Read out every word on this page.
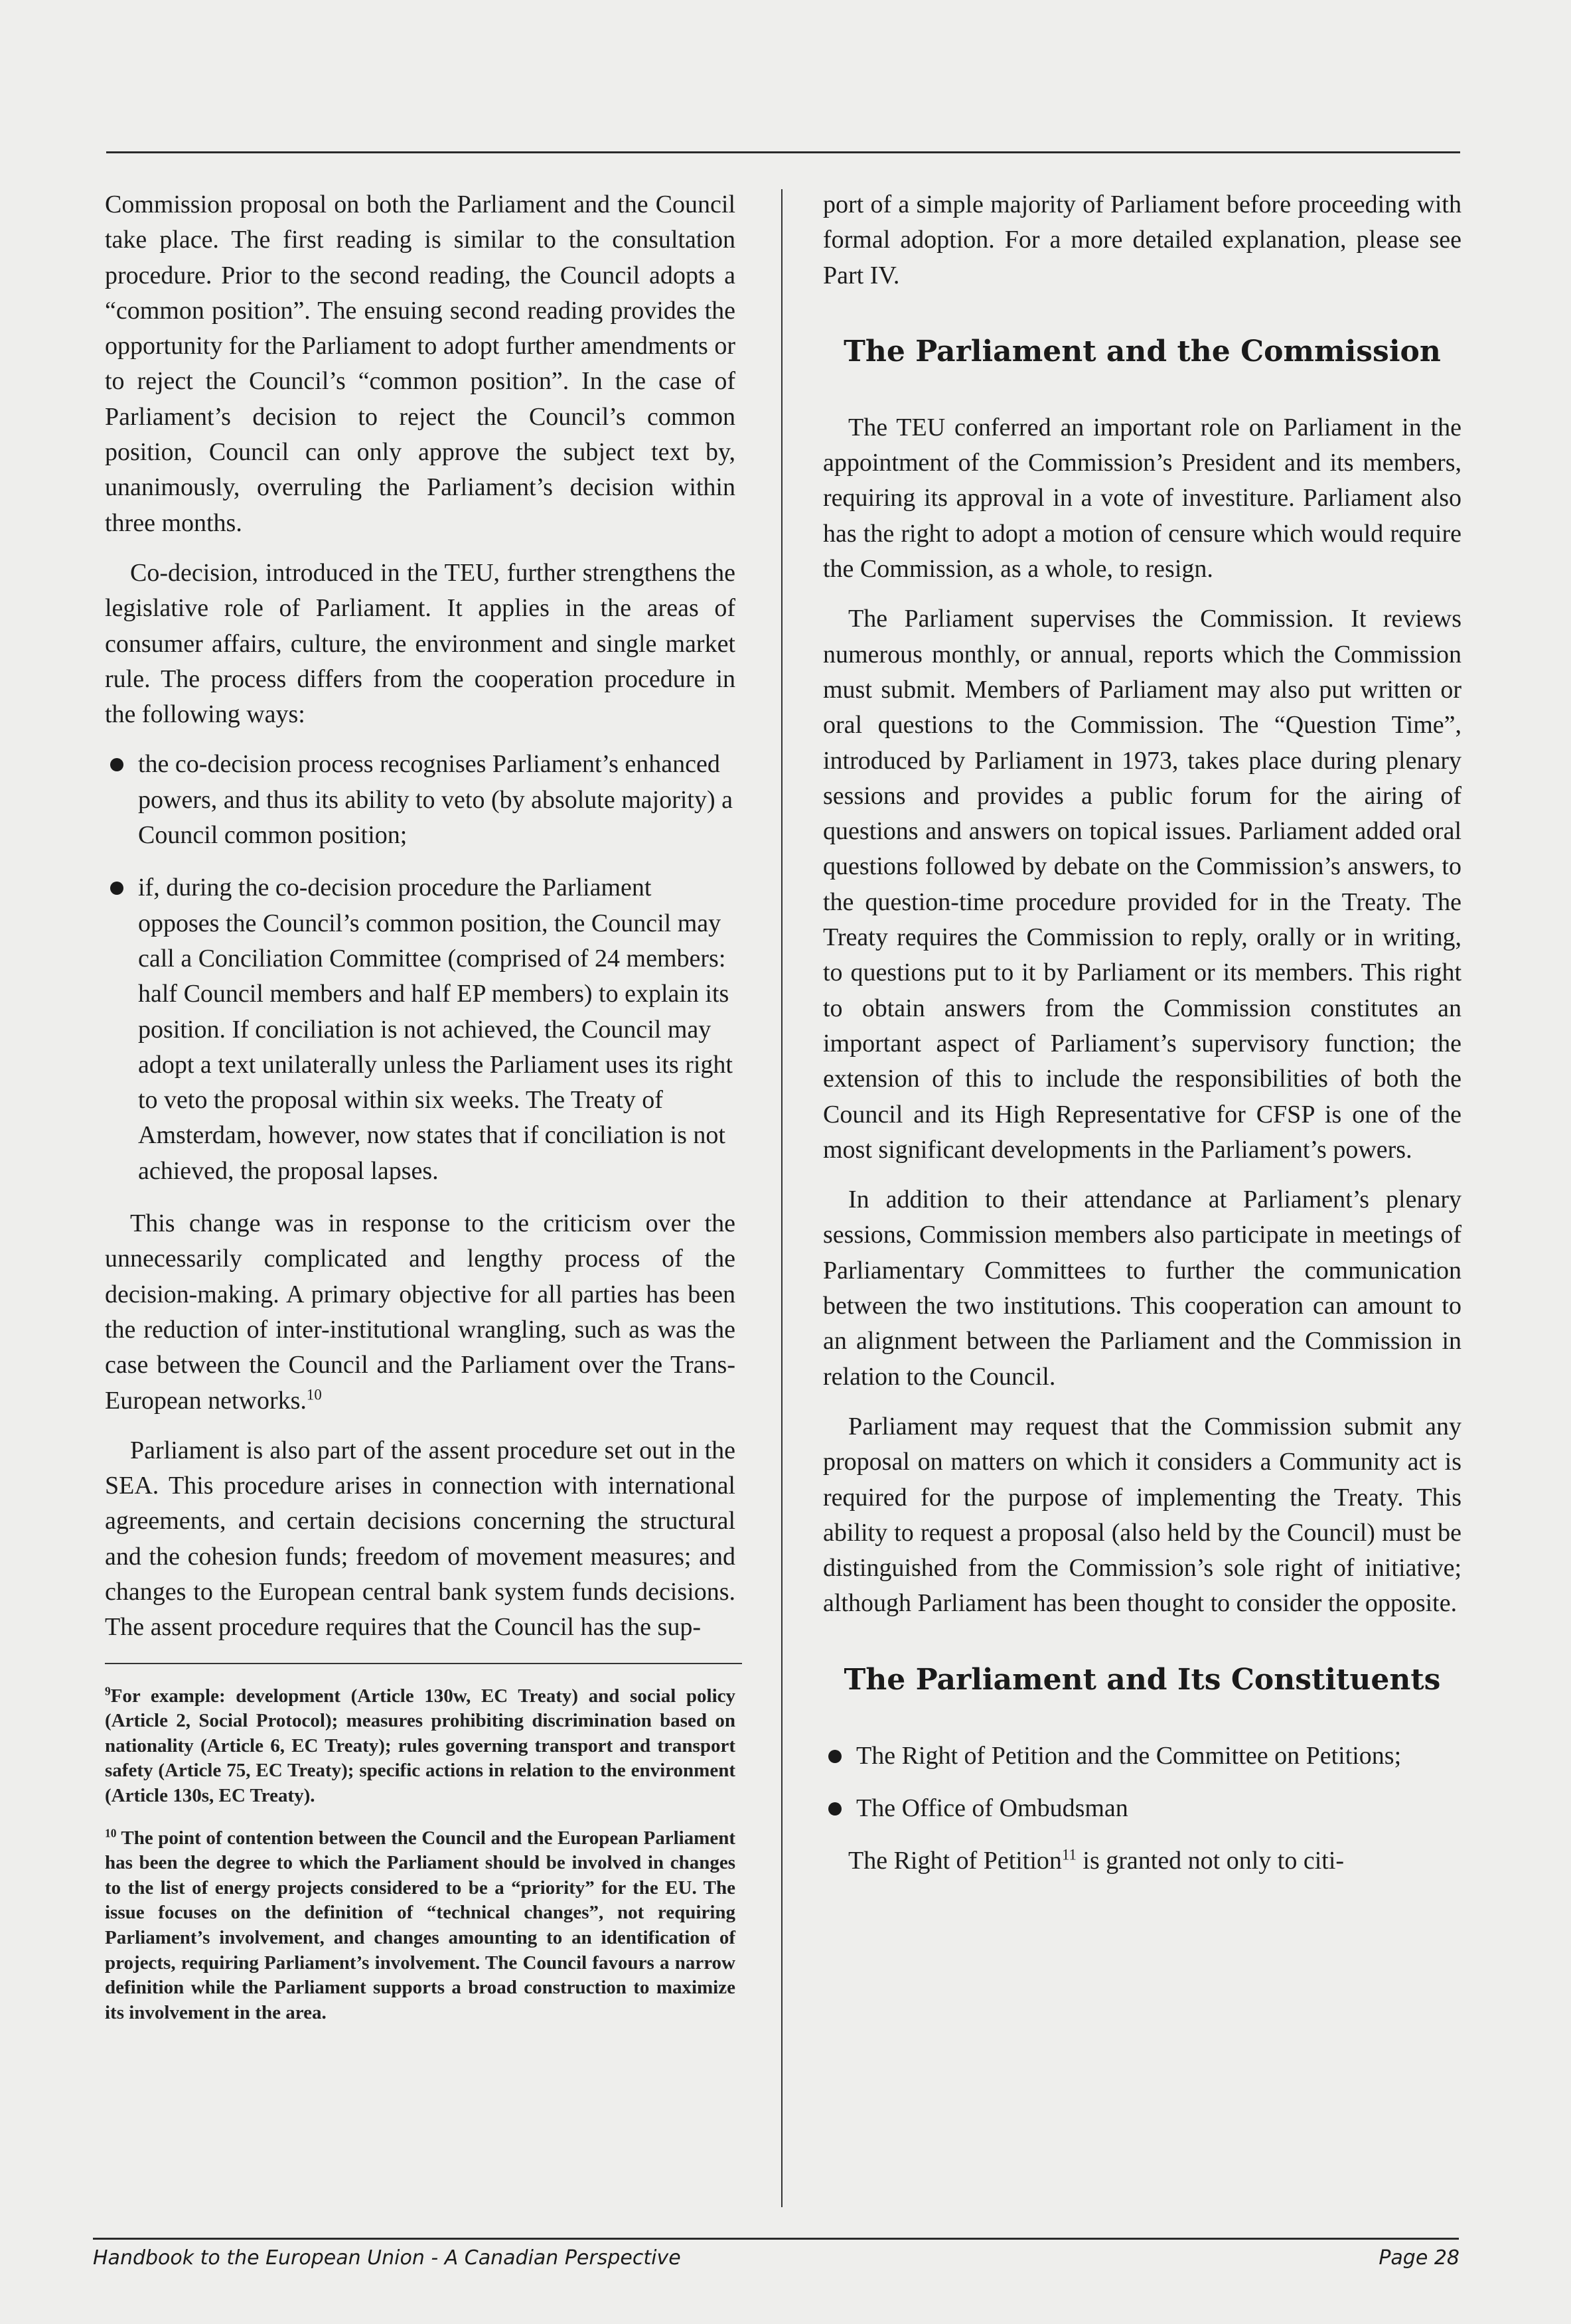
Commission proposal on both the Parliament and the Council take place. The first reading is similar to the consultation procedure. Prior to the second reading, the Council adopts a “common position”. The ensuing second reading provides the opportunity for the Parliament to adopt further amendments or to reject the Council’s “common position”. In the case of Parliament’s decision to reject the Council’s common position, Council can only approve the subject text by, unanimously, overruling the Parliament’s decision within three months.

Co-decision, introduced in the TEU, further strengthens the legislative role of Parliament. It applies in the areas of consumer affairs, culture, the environment and single market rule. The process differs from the cooperation procedure in the following ways:

the co-decision process recognises Parliament’s enhanced powers, and thus its ability to veto (by absolute majority) a Council common position;
if, during the co-decision procedure the Parliament opposes the Council’s common position, the Council may call a Conciliation Committee (comprised of 24 members: half Council members and half EP members) to explain its position. If conciliation is not achieved, the Council may adopt a text unilaterally unless the Parliament uses its right to veto the proposal within six weeks. The Treaty of Amsterdam, however, now states that if conciliation is not achieved, the proposal lapses.

This change was in response to the criticism over the unnecessarily complicated and lengthy process of the decision-making. A primary objective for all parties has been the reduction of inter-institutional wrangling, such as was the case between the Council and the Parliament over the Trans-European networks.$^{10}$

Parliament is also part of the assent procedure set out in the SEA. This procedure arises in connection with international agreements, and certain decisions concerning the structural and the cohesion funds; freedom of movement measures; and changes to the European central bank system funds decisions. The assent procedure requires that the Council has the sup-

$^9$For example: development (Article 130w, EC Treaty) and social policy (Article 2, Social Protocol); measures prohibiting discrimination based on nationality (Article 6, EC Treaty); rules governing transport and transport safety (Article 75, EC Treaty); specific actions in relation to the environment (Article 130s, EC Treaty).

$^{10}$ The point of contention between the Council and the European Parliament has been the degree to which the Parliament should be involved in changes to the list of energy projects considered to be a “priority” for the EU. The issue focuses on the definition of “technical changes”, not requiring Parliament’s involvement, and changes amounting to an identification of projects, requiring Parliament’s involvement. The Council favours a narrow definition while the Parliament supports a broad construction to maximize its involvement in the area.

port of a simple majority of Parliament before proceeding with formal adoption. For a more detailed explanation, please see Part IV.

The Parliament and the Commission

The TEU conferred an important role on Parliament in the appointment of the Commission’s President and its members, requiring its approval in a vote of investiture. Parliament also has the right to adopt a motion of censure which would require the Commission, as a whole, to resign.

The Parliament supervises the Commission. It reviews numerous monthly, or annual, reports which the Commission must submit. Members of Parliament may also put written or oral questions to the Commission. The “Question Time”, introduced by Parliament in 1973, takes place during plenary sessions and provides a public forum for the airing of questions and answers on topical issues. Parliament added oral questions followed by debate on the Commission’s answers, to the question-time procedure provided for in the Treaty. The Treaty requires the Commission to reply, orally or in writing, to questions put to it by Parliament or its members. This right to obtain answers from the Commission constitutes an important aspect of Parliament’s supervisory function; the extension of this to include the responsibilities of both the Council and its High Representative for CFSP is one of the most significant developments in the Parliament’s powers.

In addition to their attendance at Parliament’s plenary sessions, Commission members also participate in meetings of Parliamentary Committees to further the communication between the two institutions. This cooperation can amount to an alignment between the Parliament and the Commission in relation to the Council.

Parliament may request that the Commission submit any proposal on matters on which it considers a Community act is required for the purpose of implementing the Treaty. This ability to request a proposal (also held by the Council) must be distinguished from the Commission’s sole right of initiative; although Parliament has been thought to consider the opposite.

The Parliament and Its Constituents
The Right of Petition and the Committee on Petitions;
The Office of Ombudsman

The Right of Petition$^{11}$ is granted not only to citi-

Handbook to the European Union - A Canadian Perspective	Page 28
